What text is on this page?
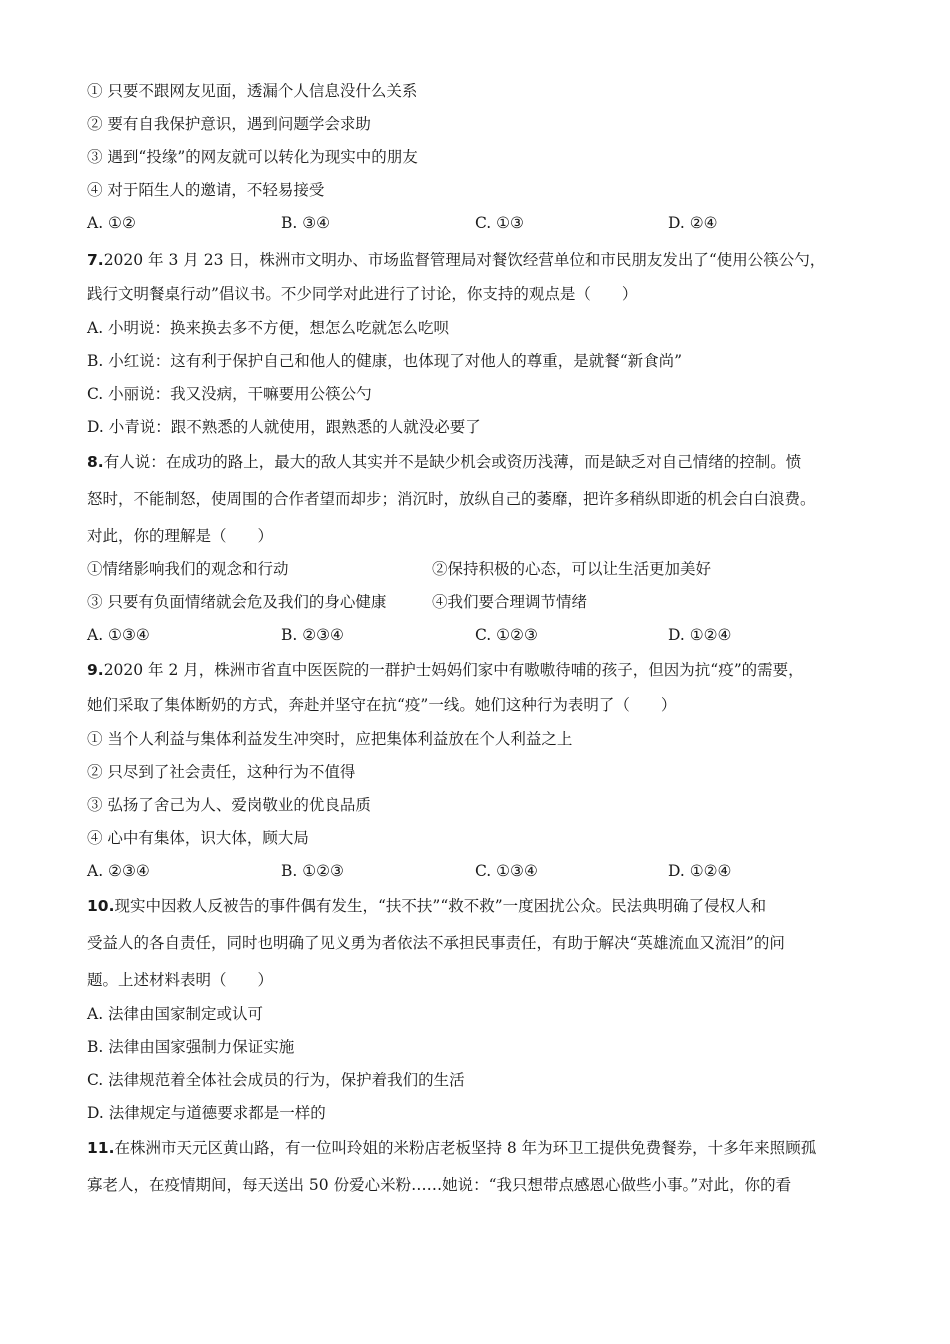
① 只要不跟网友见面，透漏个人信息没什么关系
② 要有自我保护意识，遇到问题学会求助
③ 遇到“投缘”的网友就可以转化为现实中的朋友
④ 对于陌生人的邀请，不轻易接受
A. ①②	B. ③④	C. ①③	D. ②④
7.2020 年 3 月 23 日，株洲市文明办、市场监督管理局对餐饮经营单位和市民朋友发出了“使用公筷公勺，
践行文明餐桌行动”倡议书。不少同学对此进行了讨论，你支持的观点是（　　）
A. 小明说：换来换去多不方便，想怎么吃就怎么吃呗
B. 小红说：这有利于保护自己和他人的健康，也体现了对他人的尊重，是就餐“新食尚”
C. 小丽说：我又没病，干嘛要用公筷公勺
D. 小青说：跟不熟悉的人就使用，跟熟悉的人就没必要了
8.有人说：在成功的路上，最大的敌人其实并不是缺少机会或资历浅薄，而是缺乏对自己情绪的控制。愤
怒时，不能制怒，使周围的合作者望而却步；消沉时，放纵自己的萎靡，把许多稍纵即逝的机会白白浪费。
对此，你的理解是（　　）
①情绪影响我们的观念和行动	②保持积极的心态，可以让生活更加美好
③ 只要有负面情绪就会危及我们的身心健康	④我们要合理调节情绪
A. ①③④	B. ②③④	C. ①②③	D. ①②④
9.2020 年 2 月，株洲市省直中医医院的一群护士妈妈们家中有嗷嗷待哺的孩子，但因为抗“疫”的需要，
她们采取了集体断奶的方式，奔赴并坚守在抗“疫”一线。她们这种行为表明了（　　）
① 当个人利益与集体利益发生冲突时，应把集体利益放在个人利益之上
② 只尽到了社会责任，这种行为不值得
③ 弘扬了舍己为人、爱岗敬业的优良品质
④ 心中有集体，识大体，顾大局
A. ②③④	B. ①②③	C. ①③④	D. ①②④
10.现实中因救人反被告的事件偶有发生，“扶不扶”“救不救”一度困扰公众。民法典明确了侵权人和
受益人的各自责任，同时也明确了见义勇为者依法不承担民事责任，有助于解决“英雄流血又流泪”的问
题。上述材料表明（　　）
A. 法律由国家制定或认可
B. 法律由国家强制力保证实施
C. 法律规范着全体社会成员的行为，保护着我们的生活
D. 法律规定与道德要求都是一样的
11.在株洲市天元区黄山路，有一位叫玲姐的米粉店老板坚持 8 年为环卫工提供免费餐券，十多年来照顾孤
寡老人，在疫情期间，每天送出 50 份爱心米粉……她说：“我只想带点感恩心做些小事。”对此，你的看
